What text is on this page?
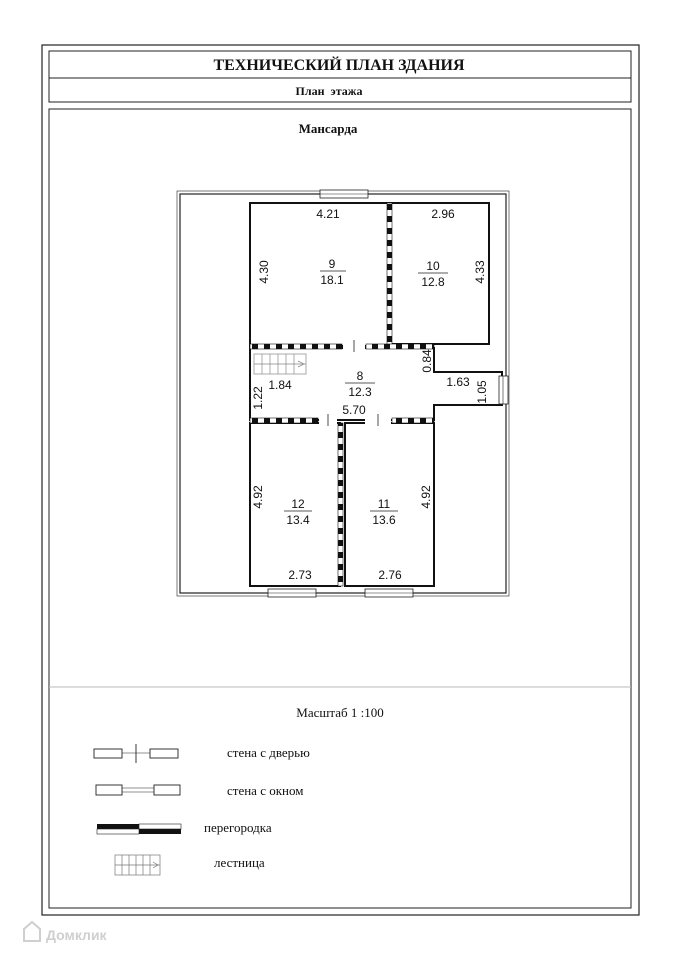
ТЕХНИЧЕСКИЙ ПЛАН ЗДАНИЯ
План  этажа
Мансарда
9
18.1
10
12.8
8
12.3
12
13.4
11
13.6
4.21
4.30
2.96
4.33
1.84
1.22
5.70
0.84
1.63 1.05
4.92
2.73	2.76
4.92
Масштаб 1 :100
стена с дверью
стена с окном
перегородка
лестница
Домклик
